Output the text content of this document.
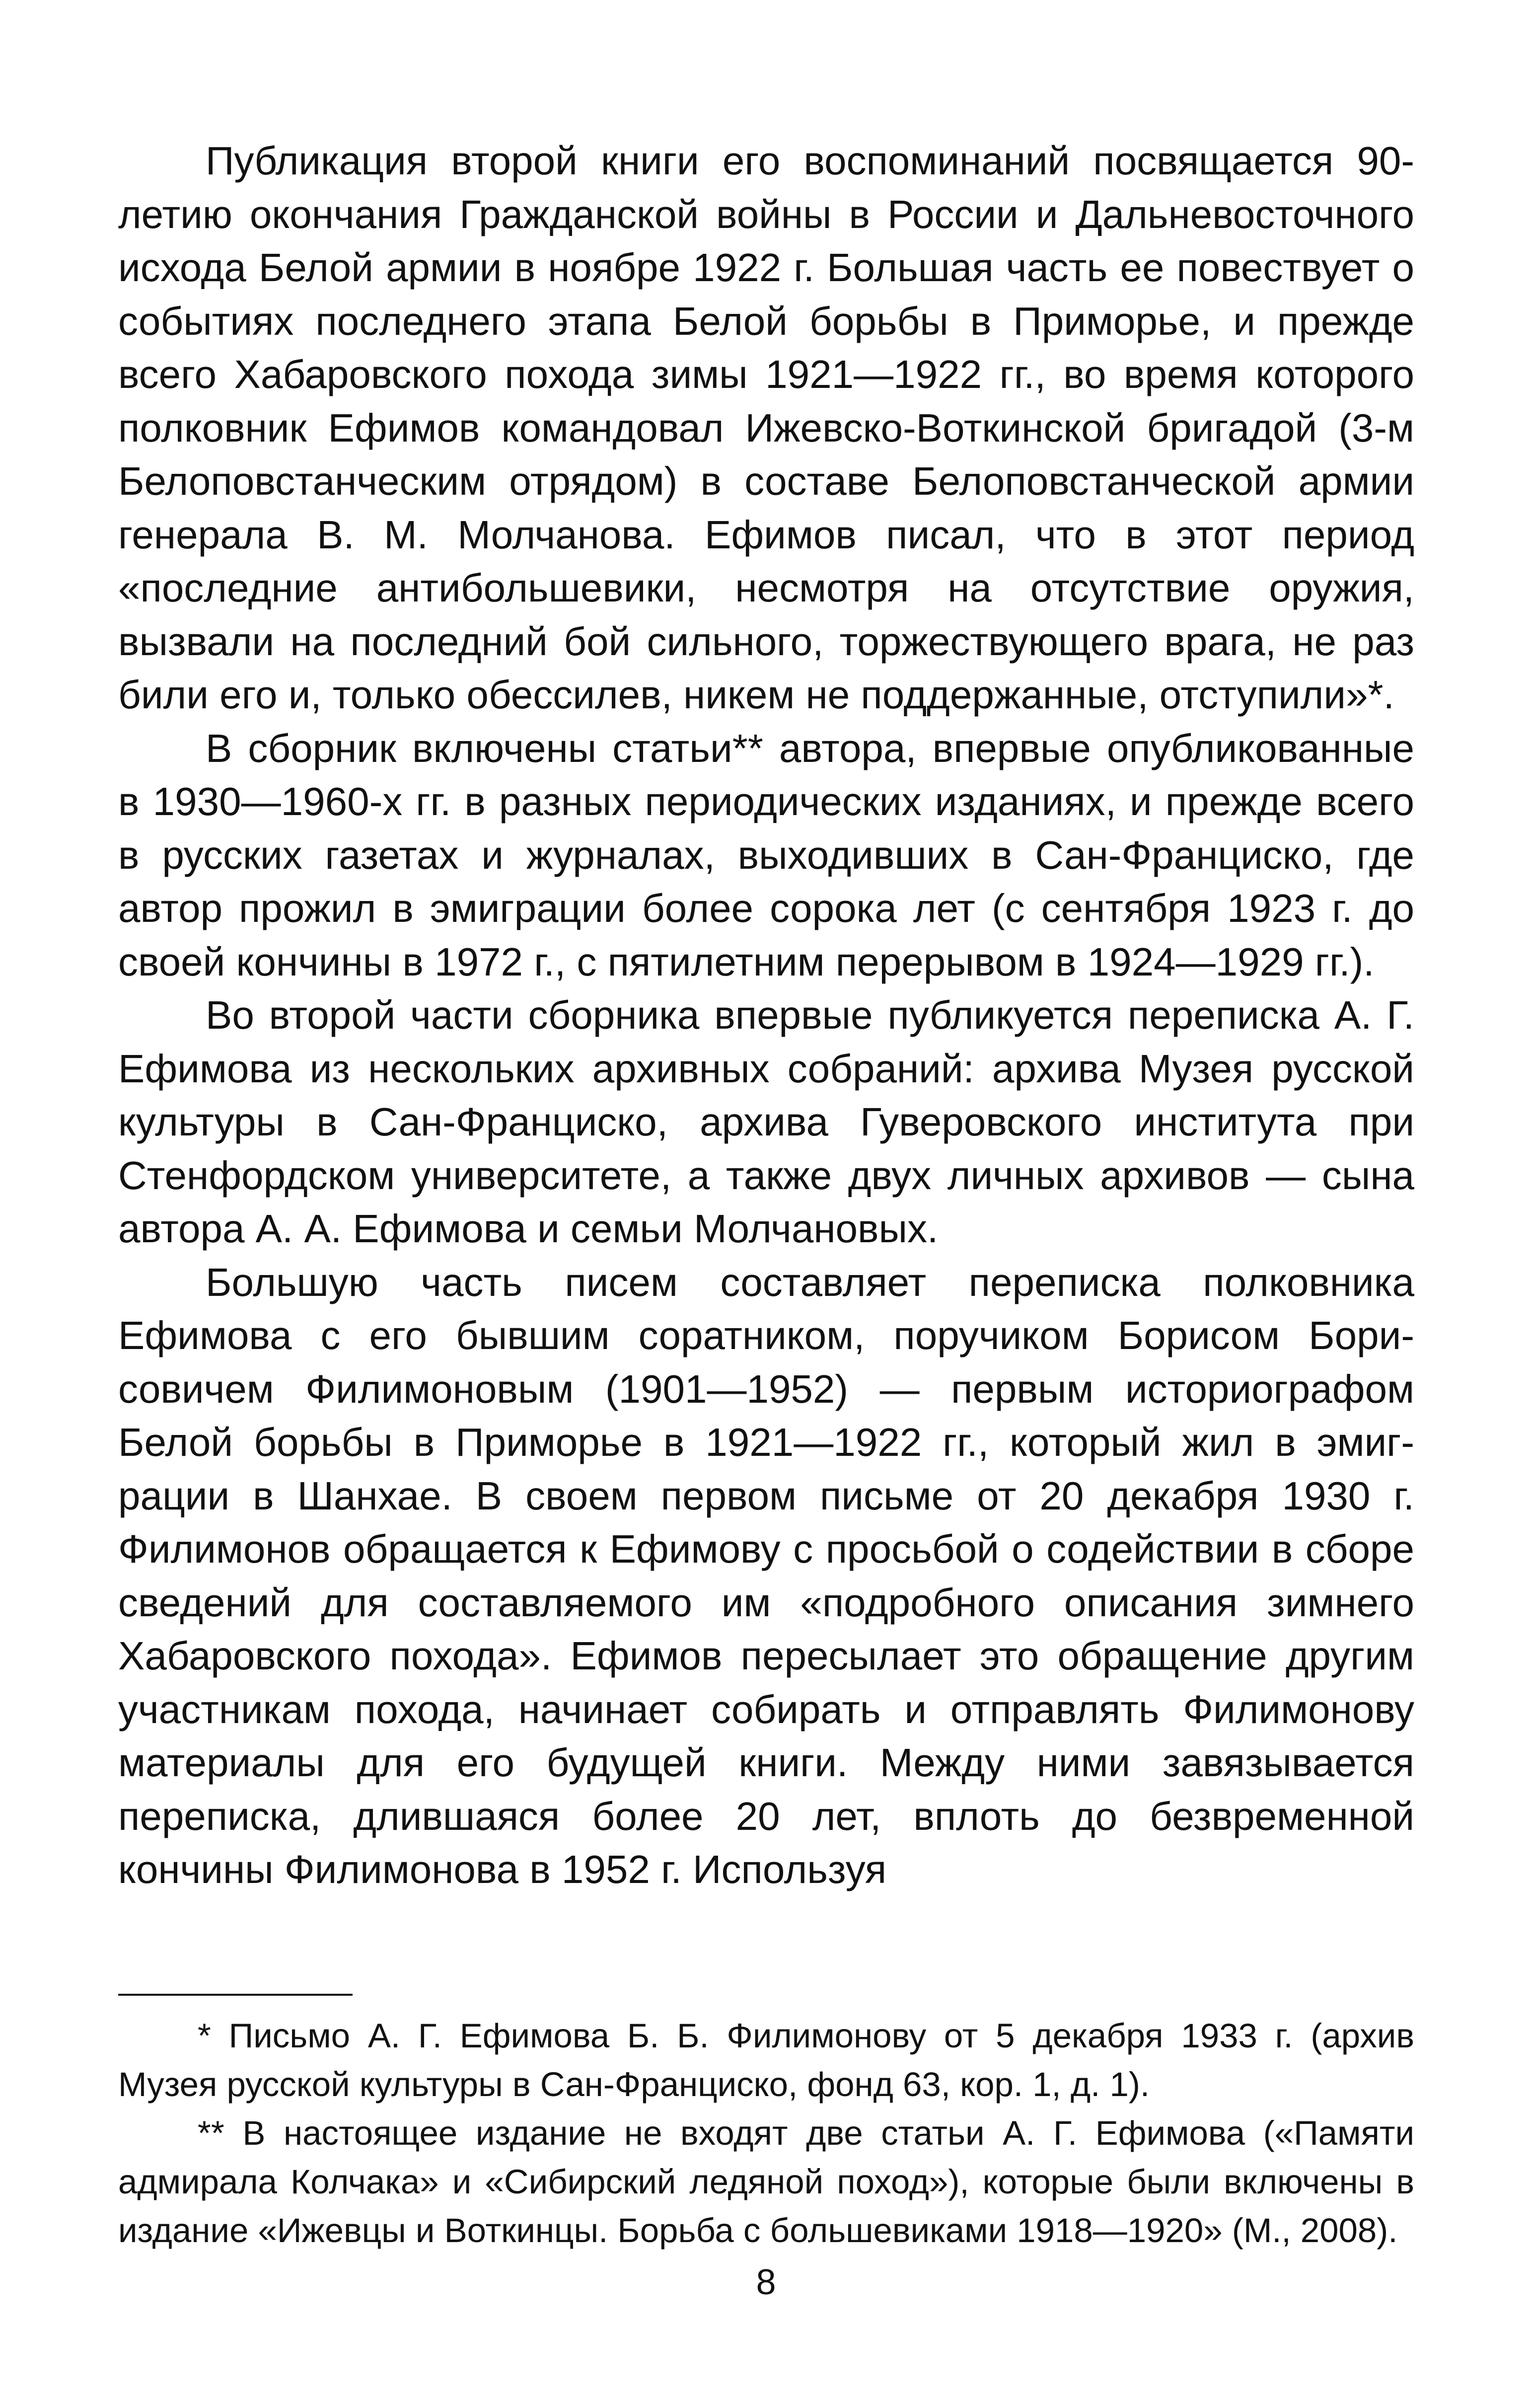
Публикация второй книги его воспоминаний посвящается 90-летию окончания Гражданской войны в России и Дальневосточного исхода Белой армии в ноябре 1922 г. Большая часть ее повествует о событиях последнего этапа Белой борьбы в Приморье, и прежде всего Хабаровского похода зимы 1921—1922 гг., во время которого полковник Ефимов командовал Ижевско-Воткинской бригадой (3-м Белоповстанческим отрядом) в составе Белоповстанческой армии генерала В. М. Молчанова. Ефимов писал, что в этот период «последние антибольшевики, несмотря на отсутствие оружия, вызвали на последний бой сильного, торжествующего врага, не раз били его и, только обессилев, никем не поддержанные, отступили»*.

В сборник включены статьи** автора, впервые опубликованные в 1930—1960-х гг. в разных периодических изданиях, и прежде всего в русских газетах и журналах, выходивших в Сан-Франциско, где автор прожил в эмиграции более сорока лет (с сентября 1923 г. до своей кончины в 1972 г., с пятилетним перерывом в 1924—1929 гг.).

Во второй части сборника впервые публикуется переписка А. Г. Ефимова из нескольких архивных собраний: архива Музея русской культуры в Сан-Франциско, архива Гуверовского института при Стенфордском университете, а также двух личных архивов — сына автора А. А. Ефимова и семьи Молчановых.

Большую часть писем составляет переписка полковника Ефимова с его бывшим соратником, поручиком Борисом Борисовичем Филимоновым (1901—1952) — первым историографом Белой борьбы в Приморье в 1921—1922 гг., который жил в эмиграции в Шанхае. В своем первом письме от 20 декабря 1930 г. Филимонов обращается к Ефимову с просьбой о содействии в сборе сведений для составляемого им «подробного описания зимнего Хабаровского похода». Ефимов пересылает это обращение другим участникам похода, начинает собирать и отправлять Филимонову материалы для его будущей книги. Между ними завязывается переписка, длившаяся более 20 лет, вплоть до безвременной кончины Филимонова в 1952 г. Используя

* Письмо А. Г. Ефимова Б. Б. Филимонову от 5 декабря 1933 г. (архив Музея русской культуры в Сан-Франциско, фонд 63, кор. 1, д. 1).

** В настоящее издание не входят две статьи А. Г. Ефимова («Памяти адмирала Колчака» и «Сибирский ледяной поход»), которые были включены в издание «Ижевцы и Воткинцы. Борьба с большевиками 1918—1920» (М., 2008).

8
